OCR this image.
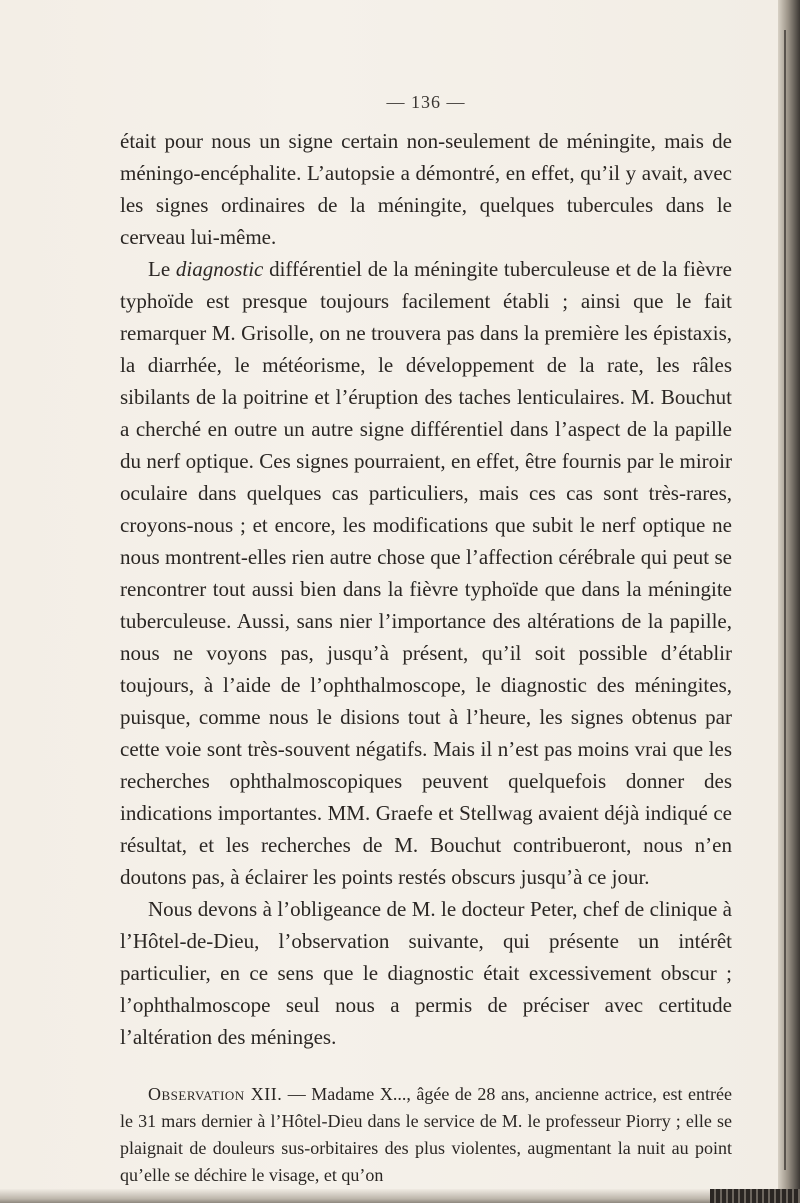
— 136 —

était pour nous un signe certain non-seulement de méningite, mais de méningo-encéphalite. L’autopsie a démontré, en effet, qu’il y avait, avec les signes ordinaires de la méningite, quelques tubercules dans le cerveau lui-même.

Le diagnostic différentiel de la méningite tuberculeuse et de la fièvre typhoïde est presque toujours facilement établi ; ainsi que le fait remarquer M. Grisolle, on ne trouvera pas dans la première les épistaxis, la diarrhée, le météorisme, le développement de la rate, les râles sibilants de la poitrine et l’éruption des taches lenticulaires. M. Bouchut a cherché en outre un autre signe différentiel dans l’aspect de la papille du nerf optique. Ces signes pourraient, en effet, être fournis par le miroir oculaire dans quelques cas particuliers, mais ces cas sont très-rares, croyons-nous ; et encore, les modifications que subit le nerf optique ne nous montrent-elles rien autre chose que l’affection cérébrale qui peut se rencontrer tout aussi bien dans la fièvre typhoïde que dans la méningite tuberculeuse. Aussi, sans nier l’importance des altérations de la papille, nous ne voyons pas, jusqu’à présent, qu’il soit possible d’établir toujours, à l’aide de l’ophthalmoscope, le diagnostic des méningites, puisque, comme nous le disions tout à l’heure, les signes obtenus par cette voie sont très-souvent négatifs. Mais il n’est pas moins vrai que les recherches ophthalmoscopiques peuvent quelquefois donner des indications importantes. MM. Graefe et Stellwag avaient déjà indiqué ce résultat, et les recherches de M. Bouchut contribueront, nous n’en doutons pas, à éclairer les points restés obscurs jusqu’à ce jour.

Nous devons à l’obligeance de M. le docteur Peter, chef de clinique à l’Hôtel-de-Dieu, l’observation suivante, qui présente un intérêt particulier, en ce sens que le diagnostic était excessivement obscur ; l’ophthalmoscope seul nous a permis de préciser avec certitude l’altération des méninges.

Observation XII. — Madame X..., âgée de 28 ans, ancienne actrice, est entrée le 31 mars dernier à l’Hôtel-Dieu dans le service de M. le professeur Piorry ; elle se plaignait de douleurs sus-orbitaires des plus violentes, augmentant la nuit au point qu’elle se déchire le visage, et qu’on
